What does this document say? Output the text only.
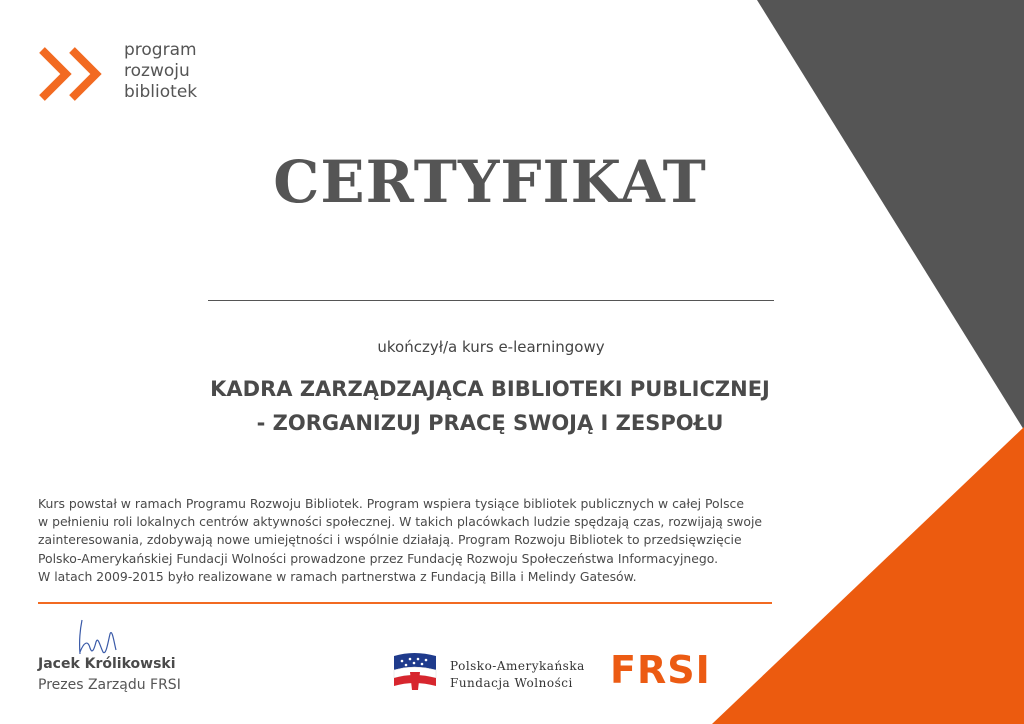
program
rozwoju
bibliotek
CERTYFIKAT
ukończył/a kurs e-learningowy
KADRA ZARZĄDZAJĄCA BIBLIOTEKI PUBLICZNEJ
- ZORGANIZUJ PRACĘ SWOJĄ I ZESPOŁU
Kurs powstał w ramach Programu Rozwoju Bibliotek. Program wspiera tysiące bibliotek publicznych w całej Polsce
w pełnieniu roli lokalnych centrów aktywności społecznej. W takich placówkach ludzie spędzają czas, rozwijają swoje
zainteresowania, zdobywają nowe umiejętności i wspólnie działają. Program Rozwoju Bibliotek to przedsięwzięcie
Polsko-Amerykańskiej Fundacji Wolności prowadzone przez Fundację Rozwoju Społeczeństwa Informacyjnego.
W latach 2009-2015 było realizowane w ramach partnerstwa z Fundacją Billa i Melindy Gatesów.
Jacek Królikowski
Prezes Zarządu FRSI
Polsko-Amerykańska
Fundacja Wolności FRSI
